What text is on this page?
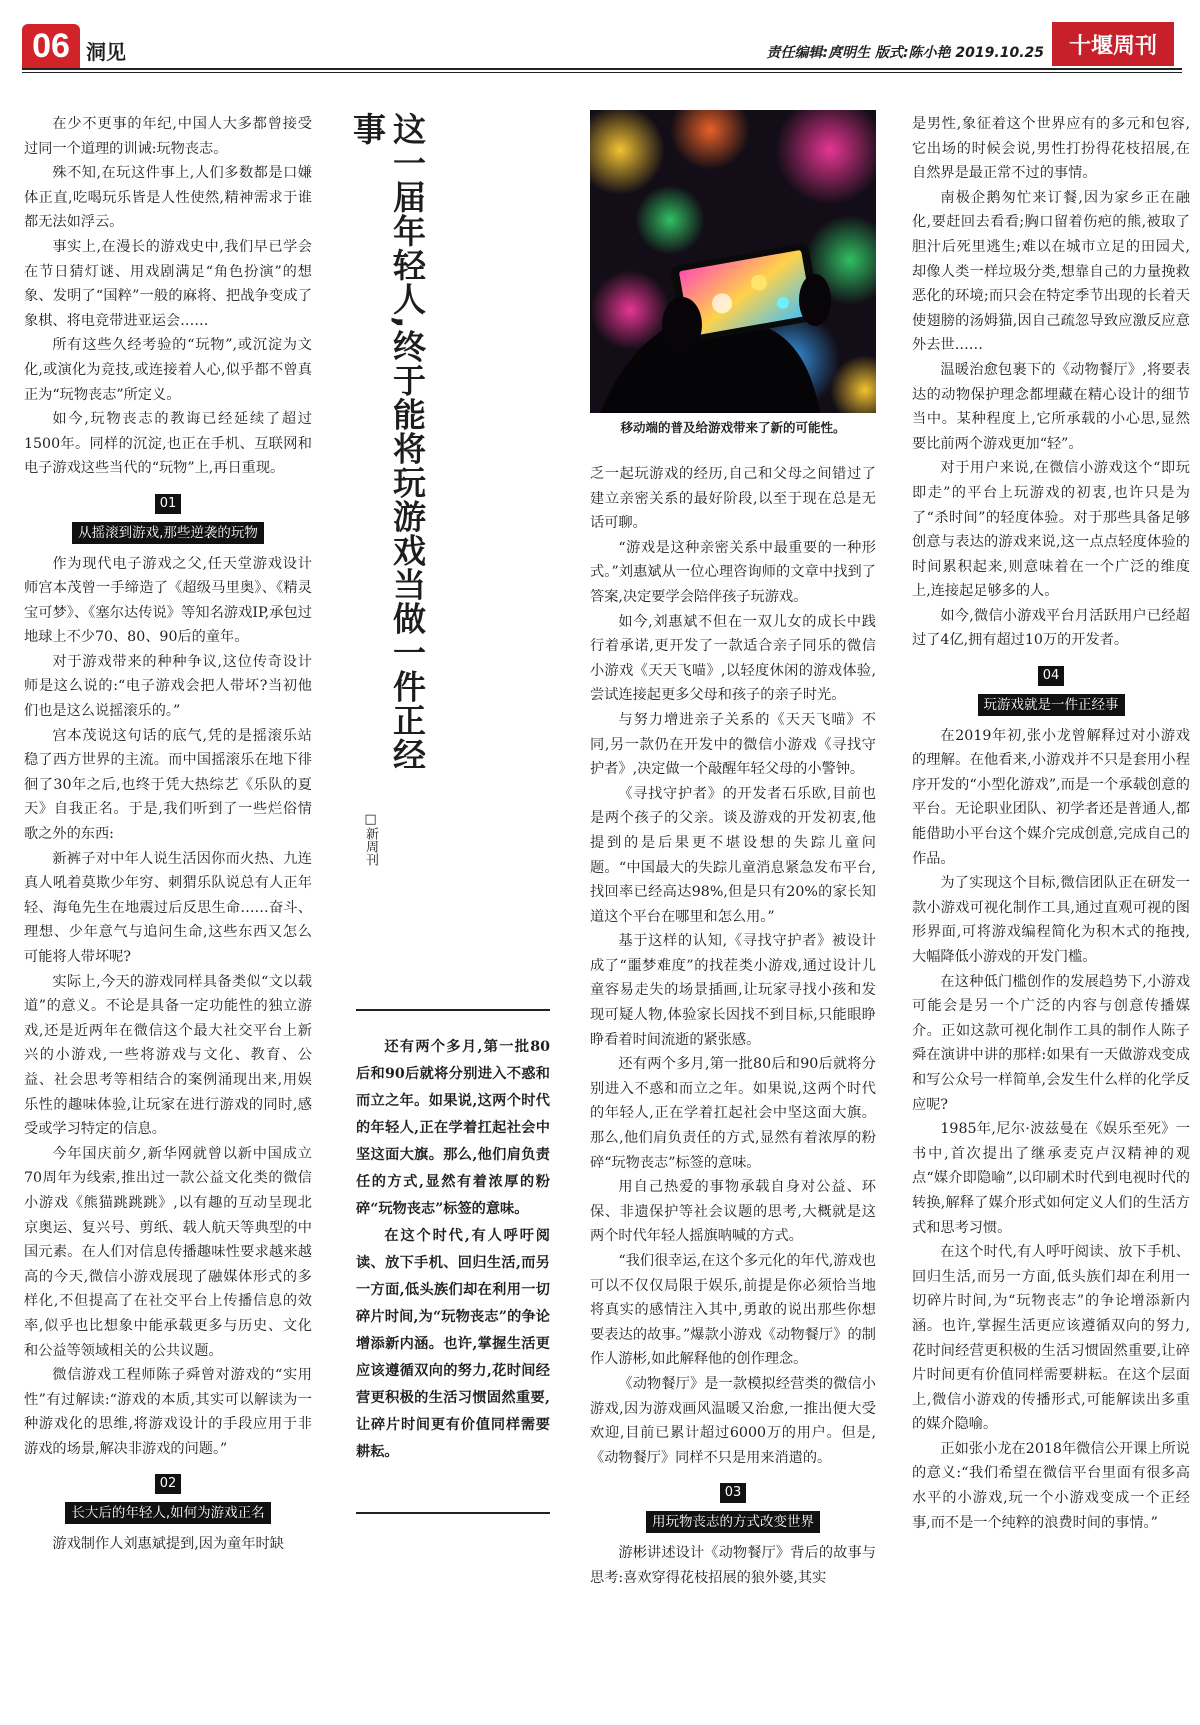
06 洞见	责任编辑:庹明生 版式:陈小艳 2019.10.25	十堰周刊

在少不更事的年纪,中国人大多都曾接受过同一个道理的训诫:玩物丧志。

殊不知,在玩这件事上,人们多数都是口嫌体正直,吃喝玩乐皆是人性使然,精神需求于谁都无法如浮云。

事实上,在漫长的游戏史中,我们早已学会在节日猜灯谜、用戏剧满足“角色扮演”的想象、发明了“国粹”一般的麻将、把战争变成了象棋、将电竞带进亚运会……

所有这些久经考验的“玩物”,或沉淀为文化,或演化为竞技,或连接着人心,似乎都不曾真正为“玩物丧志”所定义。

如今,玩物丧志的教诲已经延续了超过1500年。同样的沉淀,也正在手机、互联网和电子游戏这些当代的“玩物”上,再日重现。

01
从摇滚到游戏,那些逆袭的玩物

作为现代电子游戏之父,任天堂游戏设计师宫本茂曾一手缔造了《超级马里奥》、《精灵宝可梦》、《塞尔达传说》等知名游戏IP,承包过地球上不少70、80、90后的童年。

对于游戏带来的种种争议,这位传奇设计师是这么说的:“电子游戏会把人带坏?当初他们也是这么说摇滚乐的。”

宫本茂说这句话的底气,凭的是摇滚乐站稳了西方世界的主流。而中国摇滚乐在地下徘徊了30年之后,也终于凭大热综艺《乐队的夏天》自我正名。于是,我们听到了一些烂俗情歌之外的东西:

新裤子对中年人说生活因你而火热、九连真人吼着莫欺少年穷、刺猬乐队说总有人正年轻、海龟先生在地震过后反思生命……奋斗、理想、少年意气与追问生命,这些东西又怎么可能将人带坏呢?

实际上,今天的游戏同样具备类似“文以载道”的意义。不论是具备一定功能性的独立游戏,还是近两年在微信这个最大社交平台上新兴的小游戏,一些将游戏与文化、教育、公益、社会思考等相结合的案例涌现出来,用娱乐性的趣味体验,让玩家在进行游戏的同时,感受或学习特定的信息。

今年国庆前夕,新华网就曾以新中国成立70周年为线索,推出过一款公益文化类的微信小游戏《熊猫跳跳跳》,以有趣的互动呈现北京奥运、复兴号、剪纸、载人航天等典型的中国元素。在人们对信息传播趣味性要求越来越高的今天,微信小游戏展现了融媒体形式的多样化,不但提高了在社交平台上传播信息的效率,似乎也比想象中能承载更多与历史、文化和公益等领域相关的公共议题。

微信游戏工程师陈子舜曾对游戏的“实用性”有过解读:“游戏的本质,其实可以解读为一种游戏化的思维,将游戏设计的手段应用于非游戏的场景,解决非游戏的问题。”

02
长大后的年轻人,如何为游戏正名

游戏制作人刘惠斌提到,因为童年时缺

这一届年轻人,终于能将玩游戏当做一件正经事
□新周刊

还有两个多月,第一批80后和90后就将分别进入不惑和而立之年。如果说,这两个时代的年轻人,正在学着扛起社会中坚这面大旗。那么,他们肩负责任的方式,显然有着浓厚的粉碎“玩物丧志”标签的意味。

在这个时代,有人呼吁阅读、放下手机、回归生活,而另一方面,低头族们却在利用一切碎片时间,为“玩物丧志”的争论增添新内涵。也许,掌握生活更应该遵循双向的努力,花时间经营更积极的生活习惯固然重要,让碎片时间更有价值同样需要耕耘。

移动端的普及给游戏带来了新的可能性。

乏一起玩游戏的经历,自己和父母之间错过了建立亲密关系的最好阶段,以至于现在总是无话可聊。

“游戏是这种亲密关系中最重要的一种形式。”刘惠斌从一位心理咨询师的文章中找到了答案,决定要学会陪伴孩子玩游戏。

如今,刘惠斌不但在一双儿女的成长中践行着承诺,更开发了一款适合亲子同乐的微信小游戏《天天飞喵》,以轻度休闲的游戏体验,尝试连接起更多父母和孩子的亲子时光。

与努力增进亲子关系的《天天飞喵》不同,另一款仍在开发中的微信小游戏《寻找守护者》,决定做一个敲醒年轻父母的小警钟。

《寻找守护者》的开发者石乐欧,目前也是两个孩子的父亲。谈及游戏的开发初衷,他提到的是后果更不堪设想的失踪儿童问题。“中国最大的失踪儿童消息紧急发布平台,找回率已经高达98%,但是只有20%的家长知道这个平台在哪里和怎么用。”

基于这样的认知,《寻找守护者》被设计成了“噩梦难度”的找茬类小游戏,通过设计儿童容易走失的场景插画,让玩家寻找小孩和发现可疑人物,体验家长因找不到目标,只能眼睁睁看着时间流逝的紧张感。

还有两个多月,第一批80后和90后就将分别进入不惑和而立之年。如果说,这两个时代的年轻人,正在学着扛起社会中坚这面大旗。那么,他们肩负责任的方式,显然有着浓厚的粉碎“玩物丧志”标签的意味。

用自己热爱的事物承载自身对公益、环保、非遗保护等社会议题的思考,大概就是这两个时代年轻人摇旗呐喊的方式。

“我们很幸运,在这个多元化的年代,游戏也可以不仅仅局限于娱乐,前提是你必须恰当地将真实的感情注入其中,勇敢的说出那些你想要表达的故事。”爆款小游戏《动物餐厅》的制作人游彬,如此解释他的创作理念。

《动物餐厅》是一款模拟经营类的微信小游戏,因为游戏画风温暖又治愈,一推出便大受欢迎,目前已累计超过6000万的用户。但是,《动物餐厅》同样不只是用来消遣的。

03
用玩物丧志的方式改变世界

游彬讲述设计《动物餐厅》背后的故事与思考:喜欢穿得花枝招展的狼外婆,其实

是男性,象征着这个世界应有的多元和包容,它出场的时候会说,男性打扮得花枝招展,在自然界是最正常不过的事情。

南极企鹅匆忙来订餐,因为家乡正在融化,要赶回去看看;胸口留着伤疤的熊,被取了胆汁后死里逃生;难以在城市立足的田园犬,却像人类一样垃圾分类,想靠自己的力量挽救恶化的环境;而只会在特定季节出现的长着天使翅膀的汤姆猫,因自己疏忽导致应激反应意外去世……

温暖治愈包裹下的《动物餐厅》,将要表达的动物保护理念都埋藏在精心设计的细节当中。某种程度上,它所承载的小心思,显然要比前两个游戏更加“轻”。

对于用户来说,在微信小游戏这个“即玩即走”的平台上玩游戏的初衷,也许只是为了“杀时间”的轻度体验。对于那些具备足够创意与表达的游戏来说,这一点点轻度体验的时间累积起来,则意味着在一个广泛的维度上,连接起足够多的人。

如今,微信小游戏平台月活跃用户已经超过了4亿,拥有超过10万的开发者。

04
玩游戏就是一件正经事

在2019年初,张小龙曾解释过对小游戏的理解。在他看来,小游戏并不只是套用小程序开发的“小型化游戏”,而是一个承载创意的平台。无论职业团队、初学者还是普通人,都能借助小平台这个媒介完成创意,完成自己的作品。

为了实现这个目标,微信团队正在研发一款小游戏可视化制作工具,通过直观可视的图形界面,可将游戏编程简化为积木式的拖拽,大幅降低小游戏的开发门槛。

在这种低门槛创作的发展趋势下,小游戏可能会是另一个广泛的内容与创意传播媒介。正如这款可视化制作工具的制作人陈子舜在演讲中讲的那样:如果有一天做游戏变成和写公众号一样简单,会发生什么样的化学反应呢?

1985年,尼尔·波兹曼在《娱乐至死》一书中,首次提出了继承麦克卢汉精神的观点“媒介即隐喻”,以印刷术时代到电视时代的转换,解释了媒介形式如何定义人们的生活方式和思考习惯。

在这个时代,有人呼吁阅读、放下手机、回归生活,而另一方面,低头族们却在利用一切碎片时间,为“玩物丧志”的争论增添新内涵。也许,掌握生活更应该遵循双向的努力,花时间经营更积极的生活习惯固然重要,让碎片时间更有价值同样需要耕耘。在这个层面上,微信小游戏的传播形式,可能解读出多重的媒介隐喻。

正如张小龙在2018年微信公开课上所说的意义:“我们希望在微信平台里面有很多高水平的小游戏,玩一个小游戏变成一个正经事,而不是一个纯粹的浪费时间的事情。”
